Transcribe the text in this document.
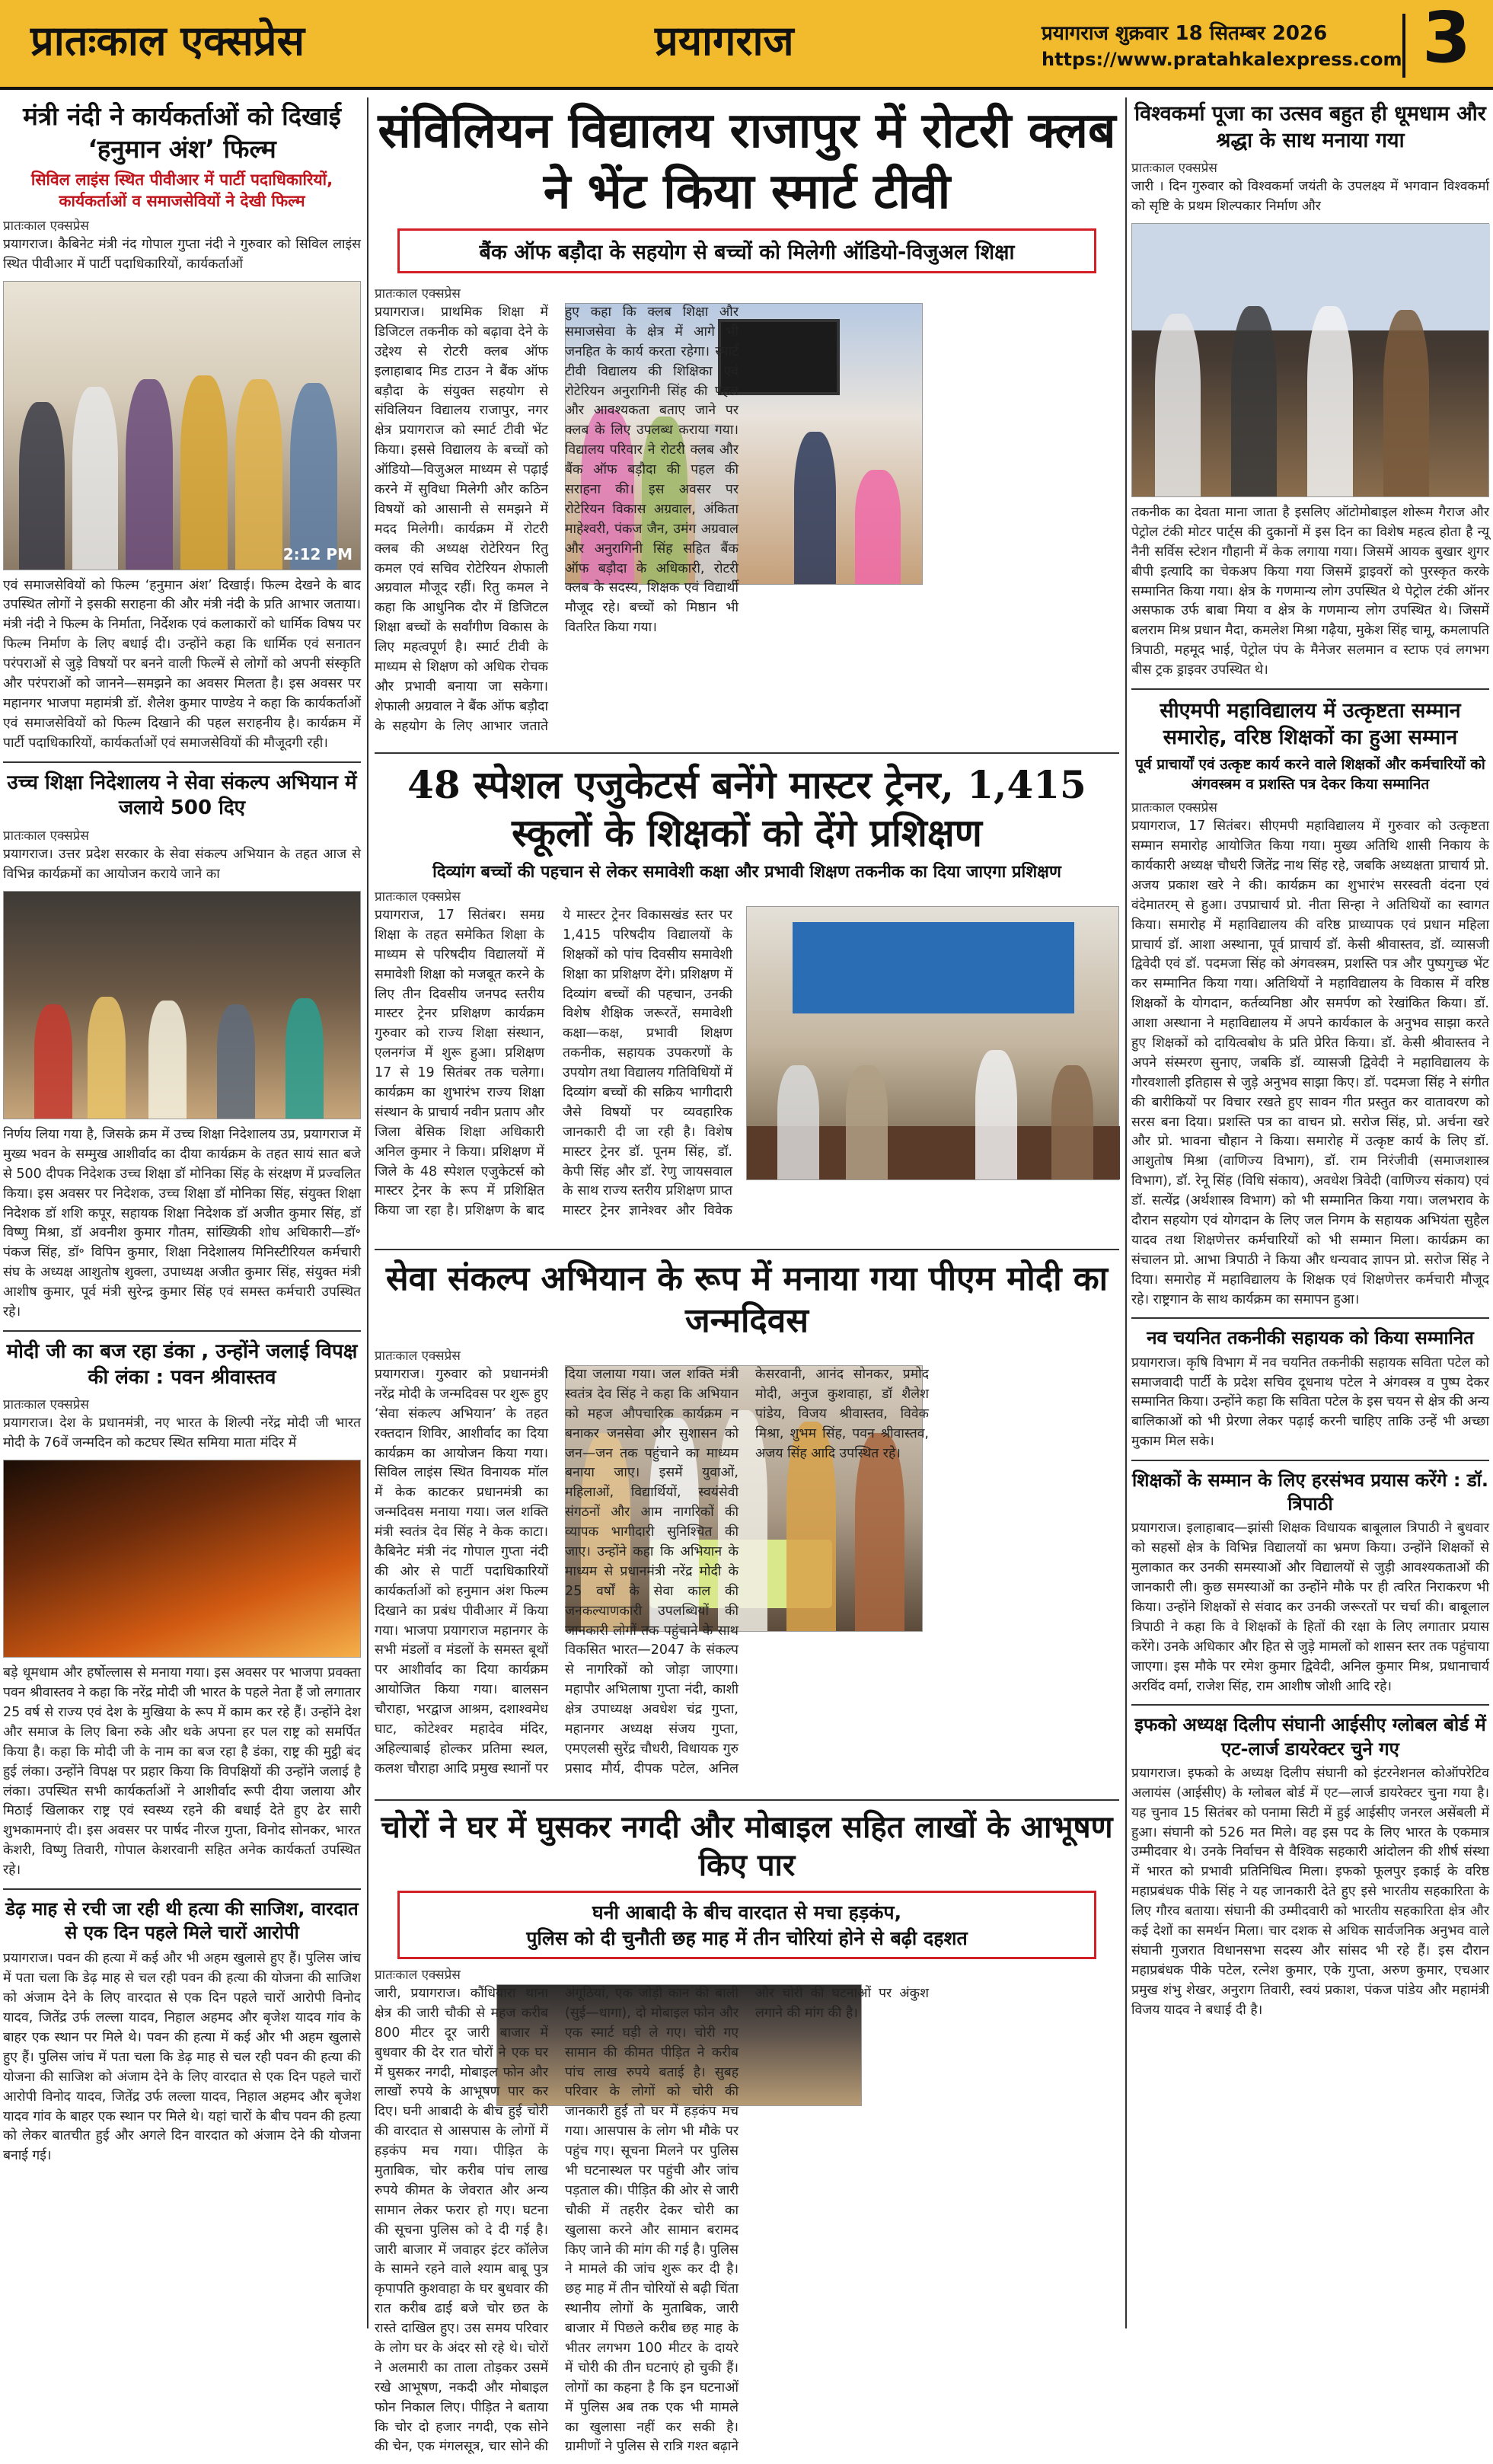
प्रातःकाल एक्सप्रेस	प्रयागराज	प्रयागराज शुक्रवार 18 सितम्बर 2026
https://www.pratahkalexpress.com 3
मंत्री नंदी ने कार्यकर्ताओं को दिखाई ‘हनुमान अंश’ फिल्म
सिविल लाइंस स्थित पीवीआर में पार्टी पदाधिकारियों, कार्यकर्ताओं व समाजसेवियों ने देखी फिल्म
प्रातःकाल एक्सप्रेस

प्रयागराज। कैबिनेट मंत्री नंद गोपाल गुप्ता नंदी ने गुरुवार को सिविल लाइंस स्थित पीवीआर में पार्टी पदाधिकारियों, कार्यकर्ताओं

2:12 PM

एवं समाजसेवियों को फिल्म ‘हनुमान अंश’ दिखाई। फिल्म देखने के बाद उपस्थित लोगों ने इसकी सराहना की और मंत्री नंदी के प्रति आभार जताया। मंत्री नंदी ने फिल्म के निर्माता, निर्देशक एवं कलाकारों को धार्मिक विषय पर फिल्म निर्माण के लिए बधाई दी। उन्होंने कहा कि धार्मिक एवं सनातन परंपराओं से जुड़े विषयों पर बनने वाली फिल्में से लोगों को अपनी संस्कृति और परंपराओं को जानने—समझने का अवसर मिलता है। इस अवसर पर महानगर भाजपा महामंत्री डॉ. शैलेश कुमार पाण्डेय ने कहा कि कार्यकर्ताओं एवं समाजसेवियों को फिल्म दिखाने की पहल सराहनीय है। कार्यक्रम में पार्टी पदाधिकारियों, कार्यकर्ताओं एवं समाजसेवियों की मौजूदगी रही।

उच्च शिक्षा निदेशालय ने सेवा संकल्प अभियान में जलाये 500 दिए
प्रातःकाल एक्सप्रेस

प्रयागराज। उत्तर प्रदेश सरकार के सेवा संकल्प अभियान के तहत आज से विभिन्न कार्यक्रमों का आयोजन कराये जाने का

निर्णय लिया गया है, जिसके क्रम में उच्च शिक्षा निदेशालय उप्र, प्रयागराज में मुख्य भवन के सम्मुख आशीर्वाद का दीया कार्यक्रम के तहत सायं सात बजे से 500 दीपक निदेशक उच्च शिक्षा डॉ मोनिका सिंह के संरक्षण में प्रज्वलित किया। इस अवसर पर निदेशक, उच्च शिक्षा डॉ मोनिका सिंह, संयुक्त शिक्षा निदेशक डॉ शशि कपूर, सहायक शिक्षा निदेशक डॉ अजीत कुमार सिंह, डॉ विष्णु मिश्रा, डॉ अवनीश कुमार गौतम, सांख्यिकी शोध अधिकारी—डॉ॰ पंकज सिंह, डॉ॰ विपिन कुमार, शिक्षा निदेशालय मिनिस्टीरियल कर्मचारी संघ के अध्यक्ष आशुतोष शुक्ला, उपाध्यक्ष अजीत कुमार सिंह, संयुक्त मंत्री आशीष कुमार, पूर्व मंत्री सुरेन्द्र कुमार सिंह एवं समस्त कर्मचारी उपस्थित रहे।

मोदी जी का बज रहा डंका , उन्होंने जलाई विपक्ष की लंका : पवन श्रीवास्तव
प्रातःकाल एक्सप्रेस

प्रयागराज। देश के प्रधानमंत्री, नए भारत के शिल्पी नरेंद्र मोदी जी भारत मोदी के 76वें जन्मदिन को कटघर स्थित समिया माता मंदिर में

बड़े धूमधाम और हर्षोल्लास से मनाया गया। इस अवसर पर भाजपा प्रवक्ता पवन श्रीवास्तव ने कहा कि नरेंद्र मोदी जी भारत के पहले नेता हैं जो लगातार 25 वर्ष से राज्य एवं देश के मुखिया के रूप में काम कर रहे हैं। उन्होंने देश और समाज के लिए बिना रुके और थके अपना हर पल राष्ट्र को समर्पित किया है। कहा कि मोदी जी के नाम का बज रहा है डंका, राष्ट्र की मुट्ठी बंद हुई लंका। उन्होंने विपक्ष पर प्रहार किया कि विपक्षियों की उन्होंने जलाई है लंका। उपस्थित सभी कार्यकर्ताओं ने आशीर्वाद रूपी दीया जलाया और मिठाई खिलाकर राष्ट्र एवं स्वस्थ्य रहने की बधाई देते हुए ढेर सारी शुभकामनाएं दी। इस अवसर पर पार्षद नीरज गुप्ता, विनोद सोनकर, भारत केशरी, विष्णु तिवारी, गोपाल केशरवानी सहित अनेक कार्यकर्ता उपस्थित रहे।

डेढ़ माह से रची जा रही थी हत्या की साजिश, वारदात से एक दिन पहले मिले चारों आरोपी

प्रयागराज। पवन की हत्या में कई और भी अहम खुलासे हुए हैं। पुलिस जांच में पता चला कि डेढ़ माह से चल रही पवन की हत्या की योजना की साजिश को अंजाम देने के लिए वारदात से एक दिन पहले चारों आरोपी विनोद यादव, जितेंद्र उर्फ लल्ला यादव, निहाल अहमद और बृजेश यादव गांव के बाहर एक स्थान पर मिले थे। पवन की हत्या में कई और भी अहम खुलासे हुए हैं। पुलिस जांच में पता चला कि डेढ़ माह से चल रही पवन की हत्या की योजना की साजिश को अंजाम देने के लिए वारदात से एक दिन पहले चारों आरोपी विनोद यादव, जितेंद्र उर्फ लल्ला यादव, निहाल अहमद और बृजेश यादव गांव के बाहर एक स्थान पर मिले थे। यहां चारों के बीच पवन की हत्या को लेकर बातचीत हुई और अगले दिन वारदात को अंजाम देने की योजना बनाई गई।

संविलियन विद्यालय राजापुर में रोटरी क्लब ने भेंट किया स्मार्ट टीवी
बैंक ऑफ बड़ौदा के सहयोग से बच्चों को मिलेगी ऑडियो-विजुअल शिक्षा
प्रातःकाल एक्सप्रेस

प्रयागराज। प्राथमिक शिक्षा में डिजिटल तकनीक को बढ़ावा देने के उद्देश्य से रोटरी क्लब ऑफ इलाहाबाद मिड टाउन ने बैंक ऑफ बड़ौदा के संयुक्त सहयोग से संविलियन विद्यालय राजापुर, नगर क्षेत्र प्रयागराज को स्मार्ट टीवी भेंट किया। इससे विद्यालय के बच्चों को ऑडियो—विजुअल माध्यम से पढ़ाई करने में सुविधा मिलेगी और कठिन विषयों को आसानी से समझने में मदद मिलेगी। कार्यक्रम में रोटरी क्लब की अध्यक्ष रोटेरियन रितु कमल एवं सचिव रोटेरियन शेफाली अग्रवाल मौजूद रहीं। रितु कमल ने कहा कि आधुनिक दौर में डिजिटल शिक्षा बच्चों के सर्वांगीण विकास के लिए महत्वपूर्ण है। स्मार्ट टीवी के माध्यम से शिक्षण को अधिक रोचक और प्रभावी बनाया जा सकेगा। शेफाली अग्रवाल ने बैंक ऑफ बड़ौदा के सहयोग के लिए आभार जताते हुए कहा कि क्लब शिक्षा और समाजसेवा के क्षेत्र में आगे भी जनहित के कार्य करता रहेगा। स्मार्ट टीवी विद्यालय की शिक्षिका एवं रोटेरियन अनुरागिनी सिंह की पहल और आवश्यकता बताए जाने पर क्लब के लिए उपलब्ध कराया गया। विद्यालय परिवार ने रोटरी क्लब और बैंक ऑफ बड़ौदा की पहल की सराहना की। इस अवसर पर रोटेरियन विकास अग्रवाल, अंकिता माहेश्वरी, पंकज जैन, उमंग अग्रवाल और अनुरागिनी सिंह सहित बैंक ऑफ बड़ौदा के अधिकारी, रोटरी क्लब के सदस्य, शिक्षक एवं विद्यार्थी मौजूद रहे। बच्चों को मिष्ठान भी वितरित किया गया।

48 स्पेशल एजुकेटर्स बनेंगे मास्टर ट्रेनर, 1,415 स्कूलों के शिक्षकों को देंगे प्रशिक्षण
दिव्यांग बच्चों की पहचान से लेकर समावेशी कक्षा और प्रभावी शिक्षण तकनीक का दिया जाएगा प्रशिक्षण
प्रातःकाल एक्सप्रेस

प्रयागराज, 17 सितंबर। समग्र शिक्षा के तहत समेकित शिक्षा के माध्यम से परिषदीय विद्यालयों में समावेशी शिक्षा को मजबूत करने के लिए तीन दिवसीय जनपद स्तरीय मास्टर ट्रेनर प्रशिक्षण कार्यक्रम गुरुवार को राज्य शिक्षा संस्थान, एलनगंज में शुरू हुआ। प्रशिक्षण 17 से 19 सितंबर तक चलेगा। कार्यक्रम का शुभारंभ राज्य शिक्षा संस्थान के प्राचार्य नवीन प्रताप और जिला बेसिक शिक्षा अधिकारी अनिल कुमार ने किया। प्रशिक्षण में जिले के 48 स्पेशल एजुकेटर्स को मास्टर ट्रेनर के रूप में प्रशिक्षित किया जा रहा है। प्रशिक्षण के बाद ये मास्टर ट्रेनर विकासखंड स्तर पर 1,415 परिषदीय विद्यालयों के शिक्षकों को पांच दिवसीय समावेशी शिक्षा का प्रशिक्षण देंगे। प्रशिक्षण में दिव्यांग बच्चों की पहचान, उनकी विशेष शैक्षिक जरूरतें, समावेशी कक्षा—कक्ष, प्रभावी शिक्षण तकनीक, सहायक उपकरणों के उपयोग तथा विद्यालय गतिविधियों में दिव्यांग बच्चों की सक्रिय भागीदारी जैसे विषयों पर व्यवहारिक जानकारी दी जा रही है। विशेष मास्टर ट्रेनर डॉ. पूनम सिंह, डॉ. केपी सिंह और डॉ. रेणु जायसवाल के साथ राज्य स्तरीय प्रशिक्षण प्राप्त मास्टर ट्रेनर ज्ञानेश्वर और विवेक

सेवा संकल्प अभियान के रूप में मनाया गया पीएम मोदी का जन्मदिवस
प्रातःकाल एक्सप्रेस

प्रयागराज। गुरुवार को प्रधानमंत्री नरेंद्र मोदी के जन्मदिवस पर शुरू हुए ‘सेवा संकल्प अभियान’ के तहत रक्तदान शिविर, आशीर्वाद का दिया कार्यक्रम का आयोजन किया गया। सिविल लाइंस स्थित विनायक मॉल में केक काटकर प्रधानमंत्री का जन्मदिवस मनाया गया। जल शक्ति मंत्री स्वतंत्र देव सिंह ने केक काटा। कैबिनेट मंत्री नंद गोपाल गुप्ता नंदी की ओर से पार्टी पदाधिकारियों कार्यकर्ताओं को हनुमान अंश फिल्म दिखाने का प्रबंध पीवीआर में किया गया। भाजपा प्रयागराज महानगर के सभी मंडलों व मंडलों के समस्त बूथों पर आशीर्वाद का दिया कार्यक्रम आयोजित किया गया। बालसन चौराहा, भरद्वाज आश्रम, दशाश्वमेध घाट, कोटेश्वर महादेव मंदिर, अहिल्याबाई होल्कर प्रतिमा स्थल, कलश चौराहा आदि प्रमुख स्थानों पर दिया जलाया गया। जल शक्ति मंत्री स्वतंत्र देव सिंह ने कहा कि अभियान को महज औपचारिक कार्यक्रम न बनाकर जनसेवा और सुशासन को जन—जन तक पहुंचाने का माध्यम बनाया जाए। इसमें युवाओं, महिलाओं, विद्यार्थियों, स्वयंसेवी संगठनों और आम नागरिकों की व्यापक भागीदारी सुनिश्चित की जाए। उन्होंने कहा कि अभियान के माध्यम से प्रधानमंत्री नरेंद्र मोदी के 25 वर्षों के सेवा काल की जनकल्याणकारी उपलब्धियों की जानकारी लोगों तक पहुंचाने के साथ विकसित भारत—2047 के संकल्प से नागरिकों को जोड़ा जाएगा। महापौर अभिलाषा गुप्ता नंदी, काशी क्षेत्र उपाध्यक्ष अवधेश चंद्र गुप्ता, महानगर अध्यक्ष संजय गुप्ता, एमएलसी सुरेंद्र चौधरी, विधायक गुरु प्रसाद मौर्य, दीपक पटेल, अनिल केसरवानी, आनंद सोनकर, प्रमोद मोदी, अनुज कुशवाहा, डॉ शैलेश पांडेय, विजय श्रीवास्तव, विवेक मिश्रा, शुभम सिंह, पवन श्रीवास्तव, अजय सिंह आदि उपस्थित रहे।

चोरों ने घर में घुसकर नगदी और मोबाइल सहित लाखों के आभूषण किए पार
घनी आबादी के बीच वारदात से मचा हड़कंप,
पुलिस को दी चुनौती छह माह में तीन चोरियां होने से बढ़ी दहशत
प्रातःकाल एक्सप्रेस

जारी, प्रयागराज। कौंधियारा थाना क्षेत्र की जारी चौकी से महज करीब 800 मीटर दूर जारी बाजार में बुधवार की देर रात चोरों ने एक घर में घुसकर नगदी, मोबाइल फोन और लाखों रुपये के आभूषण पार कर दिए। घनी आबादी के बीच हुई चोरी की वारदात से आसपास के लोगों में हड़कंप मच गया। पीड़ित के मुताबिक, चोर करीब पांच लाख रुपये कीमत के जेवरात और अन्य सामान लेकर फरार हो गए। घटना की सूचना पुलिस को दे दी गई है। जारी बाजार में जवाहर इंटर कॉलेज के सामने रहने वाले श्याम बाबू पुत्र कृपापति कुशवाहा के घर बुधवार की रात करीब ढाई बजे चोर छत के रास्ते दाखिल हुए। उस समय परिवार के लोग घर के अंदर सो रहे थे। चोरों ने अलमारी का ताला तोड़कर उसमें रखे आभूषण, नकदी और मोबाइल फोन निकाल लिए। पीड़ित ने बताया कि चोर दो हजार नगदी, एक सोने की चेन, एक मंगलसूत्र, चार सोने की अंगूठियां, एक जोड़ी कान की बाली (सुई—धागा), दो मोबाइल फोन और एक स्मार्ट घड़ी ले गए। चोरी गए सामान की कीमत पीड़ित ने करीब पांच लाख रुपये बताई है। सुबह परिवार के लोगों को चोरी की जानकारी हुई तो घर में हड़कंप मच गया। आसपास के लोग भी मौके पर पहुंच गए। सूचना मिलने पर पुलिस भी घटनास्थल पर पहुंची और जांच पड़ताल की। पीड़ित की ओर से जारी चौकी में तहरीर देकर चोरी का खुलासा करने और सामान बरामद किए जाने की मांग की गई है। पुलिस ने मामले की जांच शुरू कर दी है। छह माह में तीन चोरियों से बढ़ी चिंता स्थानीय लोगों के मुताबिक, जारी बाजार में पिछले करीब छह माह के भीतर लगभग 100 मीटर के दायरे में चोरी की तीन घटनाएं हो चुकी हैं। लोगों का कहना है कि इन घटनाओं में पुलिस अब तक एक भी मामले का खुलासा नहीं कर सकी है। ग्रामीणों ने पुलिस से रात्रि गश्त बढ़ाने और चोरी की घटनाओं पर अंकुश लगाने की मांग की है।

विश्वकर्मा पूजा का उत्सव बहुत ही धूमधाम और श्रद्धा के साथ मनाया गया
प्रातःकाल एक्सप्रेस

जारी । दिन गुरुवार को विश्वकर्मा जयंती के उपलक्ष्य में भगवान विश्वकर्मा को सृष्टि के प्रथम शिल्पकार निर्माण और

तकनीक का देवता माना जाता है इसलिए ऑटोमोबाइल शोरूम गैराज और पेट्रोल टंकी मोटर पार्ट्स की दुकानों में इस दिन का विशेष महत्व होता है न्यू नैनी सर्विस स्टेशन गौहानी में केक लगाया गया। जिसमें आयक बुखार शुगर बीपी इत्यादि का चेकअप किया गया जिसमें ड्राइवरों को पुरस्कृत करके सम्मानित किया गया। क्षेत्र के गणमान्य लोग उपस्थित थे पेट्रोल टंकी ऑनर असफाक उर्फ बाबा मिया व क्षेत्र के गणमान्य लोग उपस्थित थे। जिसमें बलराम मिश्र प्रधान मैदा, कमलेश मिश्रा गढ़ैया, मुकेश सिंह चामू, कमलापति त्रिपाठी, महमूद भाई, पेट्रोल पंप के मैनेजर सलमान व स्टाफ एवं लगभग बीस ट्रक ड्राइवर उपस्थित थे।

सीएमपी महाविद्यालय में उत्कृष्टता सम्मान समारोह, वरिष्ठ शिक्षकों का हुआ सम्मान
पूर्व प्राचार्यों एवं उत्कृष्ट कार्य करने वाले शिक्षकों और कर्मचारियों को अंगवस्त्रम व प्रशस्ति पत्र देकर किया सम्मानित
प्रातःकाल एक्सप्रेस

प्रयागराज, 17 सितंबर। सीएमपी महाविद्यालय में गुरुवार को उत्कृष्टता सम्मान समारोह आयोजित किया गया। मुख्य अतिथि शासी निकाय के कार्यकारी अध्यक्ष चौधरी जितेंद्र नाथ सिंह रहे, जबकि अध्यक्षता प्राचार्य प्रो. अजय प्रकाश खरे ने की। कार्यक्रम का शुभारंभ सरस्वती वंदना एवं वंदेमातरम् से हुआ। उपप्राचार्य प्रो. नीता सिन्हा ने अतिथियों का स्वागत किया। समारोह में महाविद्यालय की वरिष्ठ प्राध्यापक एवं प्रधान महिला प्राचार्य डॉ. आशा अस्थाना, पूर्व प्राचार्य डॉ. केसी श्रीवास्तव, डॉ. व्यासजी द्विवेदी एवं डॉ. पदमजा सिंह को अंगवस्त्रम, प्रशस्ति पत्र और पुष्पगुच्छ भेंट कर सम्मानित किया गया। अतिथियों ने महाविद्यालय के विकास में वरिष्ठ शिक्षकों के योगदान, कर्तव्यनिष्ठा और समर्पण को रेखांकित किया। डॉ. आशा अस्थाना ने महाविद्यालय में अपने कार्यकाल के अनुभव साझा करते हुए शिक्षकों को दायित्वबोध के प्रति प्रेरित किया। डॉ. केसी श्रीवास्तव ने अपने संस्मरण सुनाए, जबकि डॉ. व्यासजी द्विवेदी ने महाविद्यालय के गौरवशाली इतिहास से जुड़े अनुभव साझा किए। डॉ. पदमजा सिंह ने संगीत की बारीकियों पर विचार रखते हुए सावन गीत प्रस्तुत कर वातावरण को सरस बना दिया। प्रशस्ति पत्र का वाचन प्रो. सरोज सिंह, प्रो. अर्चना खरे और प्रो. भावना चौहान ने किया। समारोह में उत्कृष्ट कार्य के लिए डॉ. आशुतोष मिश्रा (वाणिज्य विभाग), डॉ. राम निरंजीवी (समाजशास्त्र विभाग), डॉ. रेनू सिंह (विधि संकाय), अवधेश त्रिवेदी (वाणिज्य संकाय) एवं डॉ. सत्येंद्र (अर्थशास्त्र विभाग) को भी सम्मानित किया गया। जलभराव के दौरान सहयोग एवं योगदान के लिए जल निगम के सहायक अभियंता सुहैल यादव तथा शिक्षणेत्तर कर्मचारियों को भी सम्मान मिला। कार्यक्रम का संचालन प्रो. आभा त्रिपाठी ने किया और धन्यवाद ज्ञापन प्रो. सरोज सिंह ने दिया। समारोह में महाविद्यालय के शिक्षक एवं शिक्षणेत्तर कर्मचारी मौजूद रहे। राष्ट्रगान के साथ कार्यक्रम का समापन हुआ।

नव चयनित तकनीकी सहायक को किया सम्मानित

प्रयागराज। कृषि विभाग में नव चयनित तकनीकी सहायक सविता पटेल को समाजवादी पार्टी के प्रदेश सचिव दूधनाथ पटेल ने अंगवस्त्र व पुष्प देकर सम्मानित किया। उन्होंने कहा कि सविता पटेल के इस चयन से क्षेत्र की अन्य बालिकाओं को भी प्रेरणा लेकर पढ़ाई करनी चाहिए ताकि उन्हें भी अच्छा मुकाम मिल सके।

शिक्षकों के सम्मान के लिए हरसंभव प्रयास करेंगे : डॉ. त्रिपाठी

प्रयागराज। इलाहाबाद—झांसी शिक्षक विधायक बाबूलाल त्रिपाठी ने बुधवार को सहसों क्षेत्र के विभिन्न विद्यालयों का भ्रमण किया। उन्होंने शिक्षकों से मुलाकात कर उनकी समस्याओं और विद्यालयों से जुड़ी आवश्यकताओं की जानकारी ली। कुछ समस्याओं का उन्होंने मौके पर ही त्वरित निराकरण भी किया। उन्होंने शिक्षकों से संवाद कर उनकी जरूरतों पर चर्चा की। बाबूलाल त्रिपाठी ने कहा कि वे शिक्षकों के हितों की रक्षा के लिए लगातार प्रयास करेंगे। उनके अधिकार और हित से जुड़े मामलों को शासन स्तर तक पहुंचाया जाएगा। इस मौके पर रमेश कुमार द्विवेदी, अनिल कुमार मिश्र, प्रधानाचार्य अरविंद वर्मा, राजेश सिंह, राम आशीष जोशी आदि रहे।

इफको अध्यक्ष दिलीप संघानी आईसीए ग्लोबल बोर्ड में एट-लार्ज डायरेक्टर चुने गए

प्रयागराज। इफको के अध्यक्ष दिलीप संघानी को इंटरनेशनल कोऑपरेटिव अलायंस (आईसीए) के ग्लोबल बोर्ड में एट—लार्ज डायरेक्टर चुना गया है। यह चुनाव 15 सितंबर को पनामा सिटी में हुई आईसीए जनरल असेंबली में हुआ। संघानी को 526 मत मिले। वह इस पद के लिए भारत के एकमात्र उम्मीदवार थे। उनके निर्वाचन से वैश्विक सहकारी आंदोलन की शीर्ष संस्था में भारत को प्रभावी प्रतिनिधित्व मिला। इफको फूलपुर इकाई के वरिष्ठ महाप्रबंधक पीके सिंह ने यह जानकारी देते हुए इसे भारतीय सहकारिता के लिए गौरव बताया। संघानी की उम्मीदवारी को भारतीय सहकारिता क्षेत्र और कई देशों का समर्थन मिला। चार दशक से अधिक सार्वजनिक अनुभव वाले संघानी गुजरात विधानसभा सदस्य और सांसद भी रहे हैं। इस दौरान महाप्रबंधक पीके पटेल, रत्नेश कुमार, एके गुप्ता, अरुण कुमार, एचआर प्रमुख शंभु शेखर, अनुराग तिवारी, स्वयं प्रकाश, पंकज पांडेय और महामंत्री विजय यादव ने बधाई दी है।
